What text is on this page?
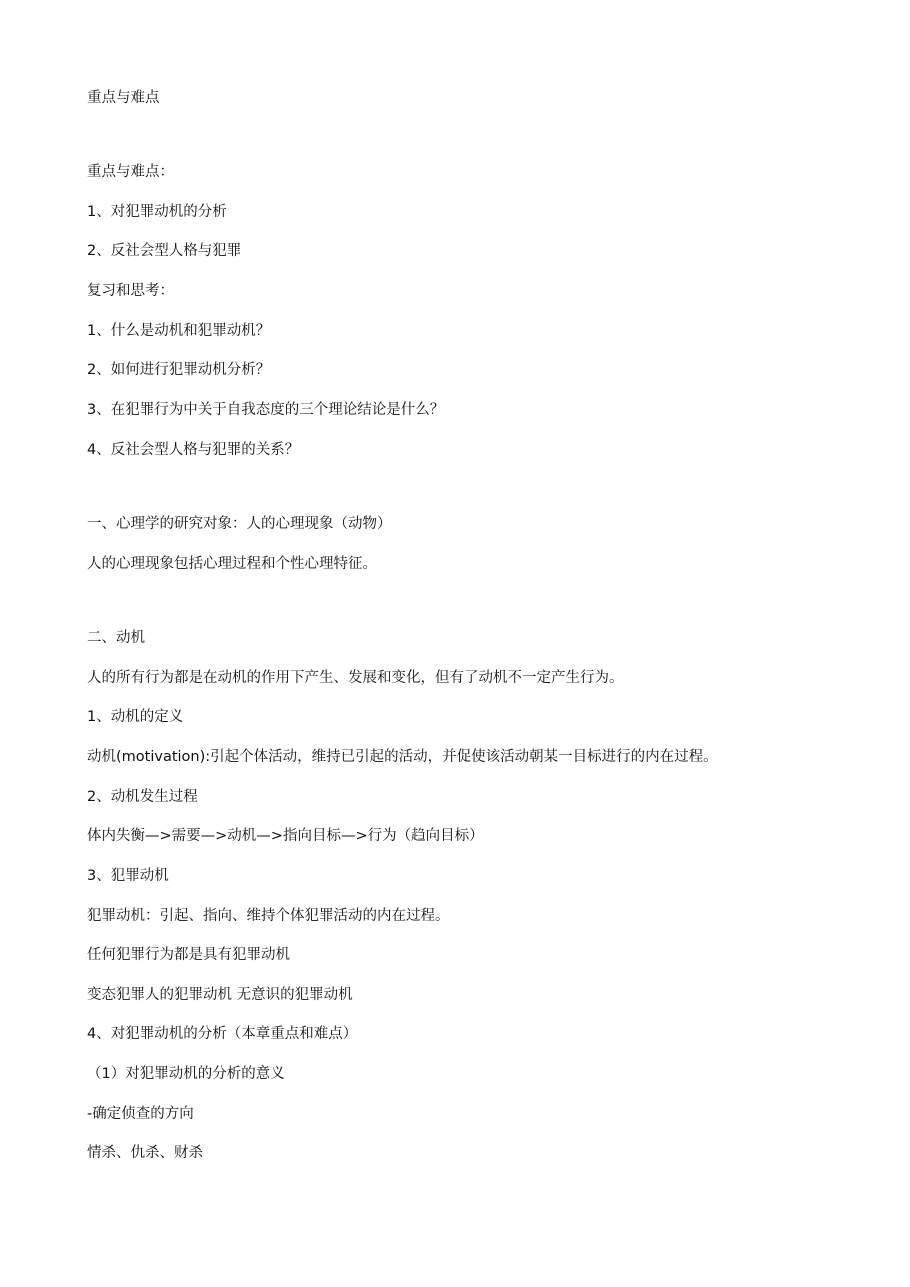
重点与难点
重点与难点：
1、对犯罪动机的分析
2、反社会型人格与犯罪
复习和思考：
1、什么是动机和犯罪动机？
2、如何进行犯罪动机分析？
3、在犯罪行为中关于自我态度的三个理论结论是什么？
4、反社会型人格与犯罪的关系？
一、心理学的研究对象：人的心理现象（动物）
人的心理现象包括心理过程和个性心理特征。
二、动机
人的所有行为都是在动机的作用下产生、发展和变化，但有了动机不一定产生行为。
1、动机的定义
动机(motivation):引起个体活动，维持已引起的活动，并促使该活动朝某一目标进行的内在过程。
2、动机发生过程
体内失衡—>需要—>动机—>指向目标—>行为（趋向目标）
3、犯罪动机
犯罪动机：引起、指向、维持个体犯罪活动的内在过程。
任何犯罪行为都是具有犯罪动机
变态犯罪人的犯罪动机 无意识的犯罪动机
4、对犯罪动机的分析（本章重点和难点）
（1）对犯罪动机的分析的意义
-确定侦查的方向
情杀、仇杀、财杀
